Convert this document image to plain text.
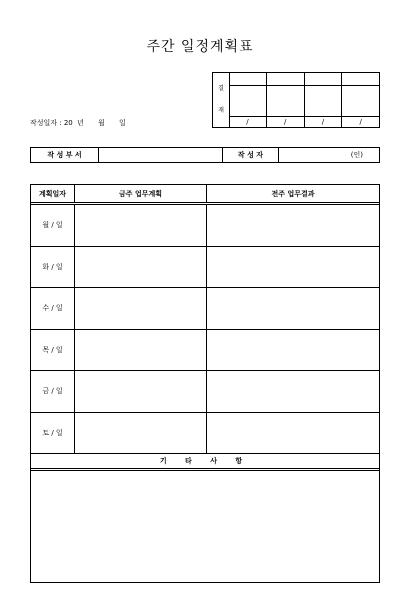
주간 일정계획표
작성일자 : 20 년 월 일
결
재
/	/	/	/
작 성 부 서	작 성 자	(인)
계획일자	금주 업무계획	전주 업무결과
월 / 일
화 / 일
수 / 일
목 / 일
금 / 일
토 / 일
기 타 사 항
